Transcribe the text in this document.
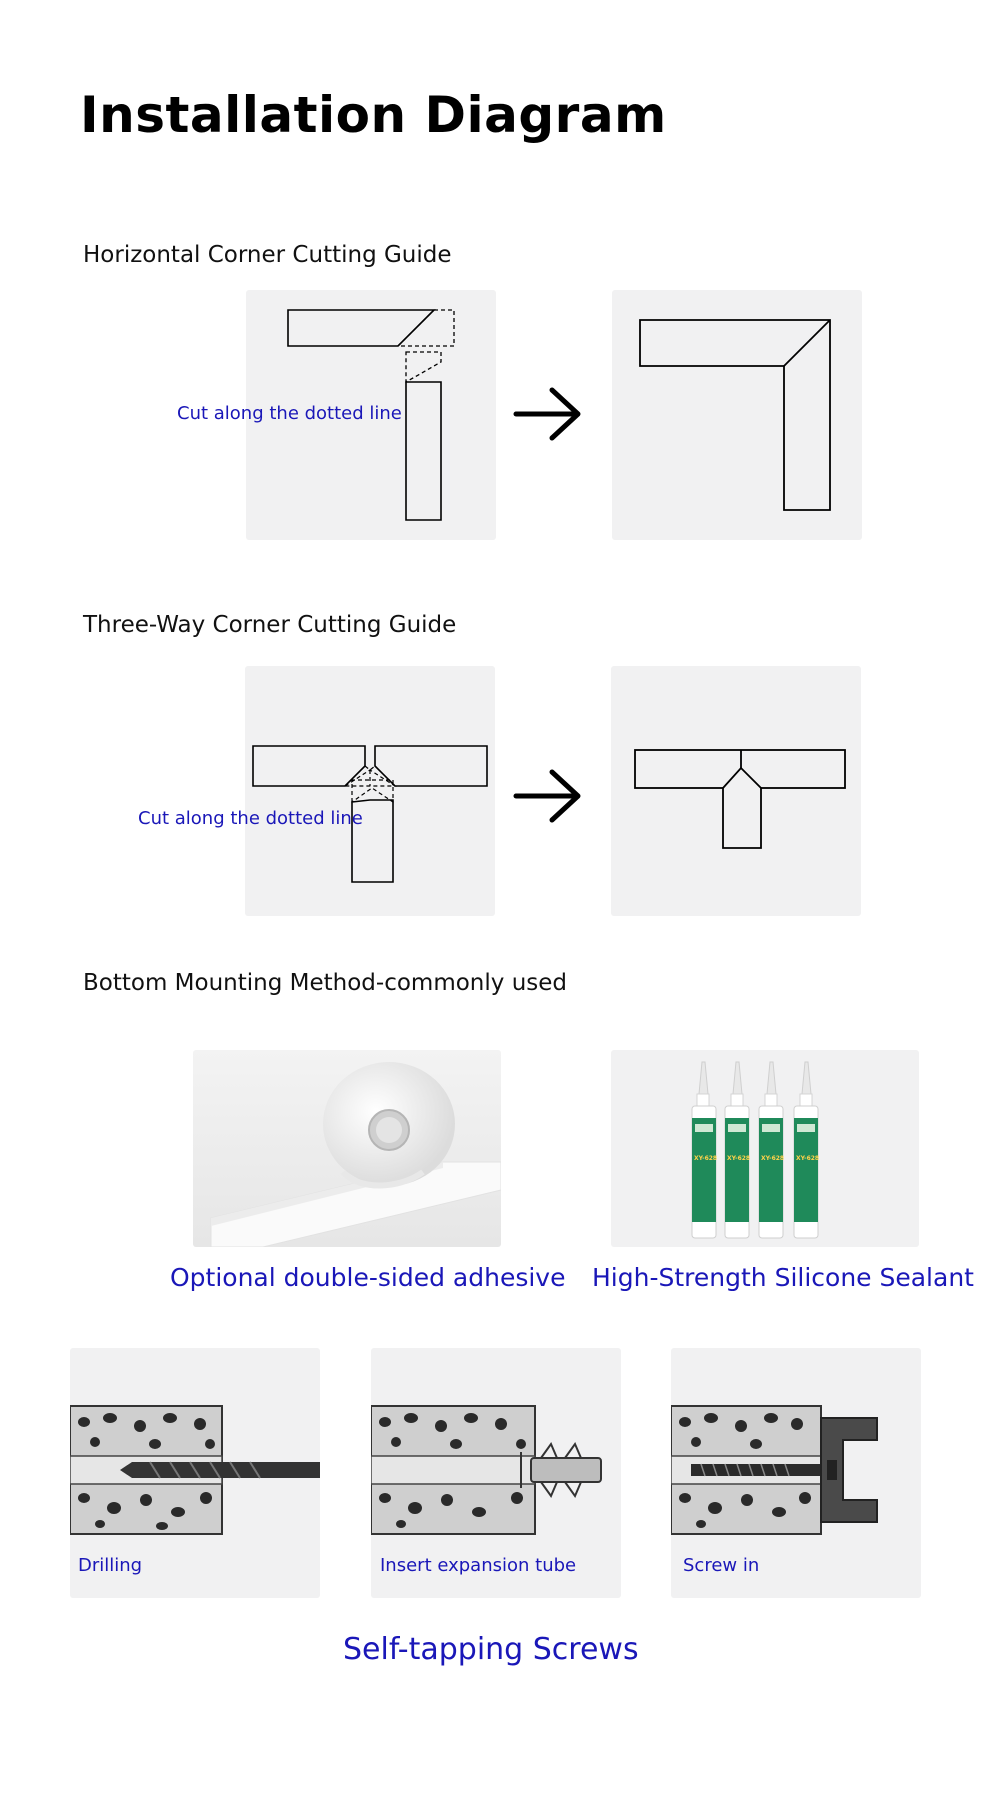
Installation Diagram
Horizontal Corner Cutting Guide
Cut along the dotted line
Three-Way Corner Cutting Guide
Cut along the dotted line
Bottom Mounting Method-commonly used
Optional double-sided adhesive
XY-628 XY-628 XY-628 XY-628
High-Strength Silicone Sealant
Drilling	Insert expansion tube	Screw in
Self-tapping Screws
